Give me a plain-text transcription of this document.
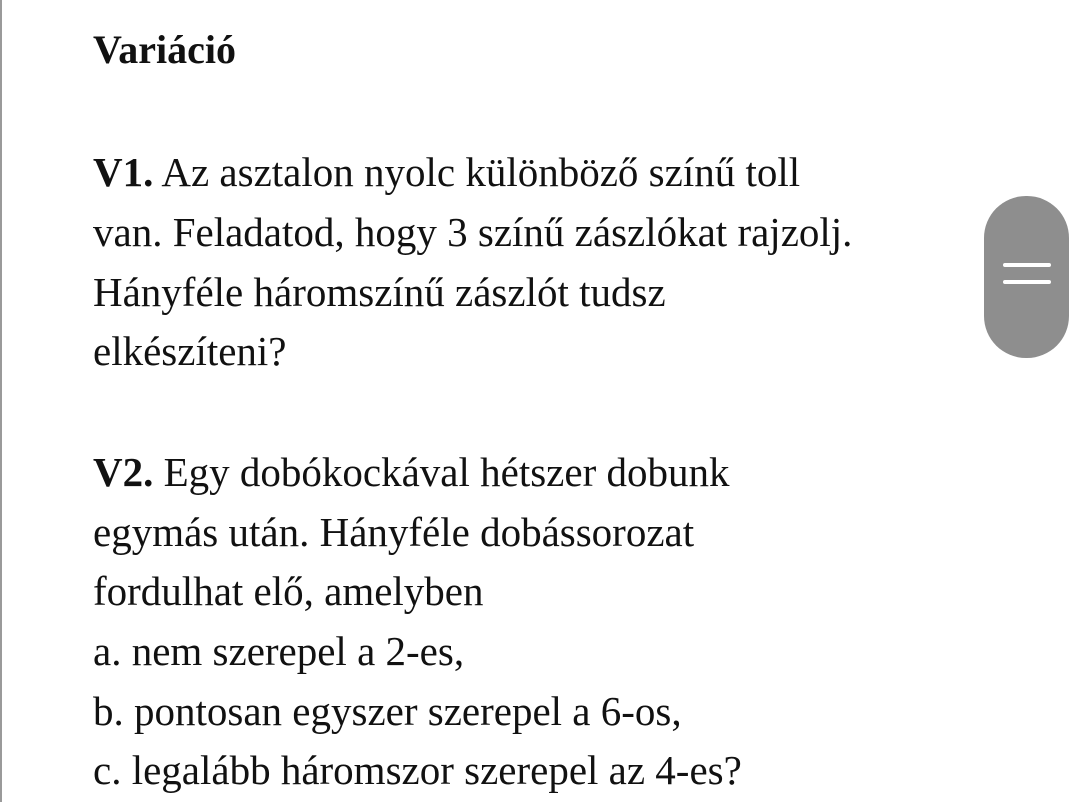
Variáció
V1. Az asztalon nyolc különböző színű toll
van. Feladatod, hogy 3 színű zászlókat rajzolj.
Hányféle háromszínű zászlót tudsz
elkészíteni?
V2. Egy dobókockával hétszer dobunk
egymás után. Hányféle dobássorozat
fordulhat elő, amelyben
a. nem szerepel a 2-es,
b. pontosan egyszer szerepel a 6-os,
c. legalább háromszor szerepel az 4-es?
